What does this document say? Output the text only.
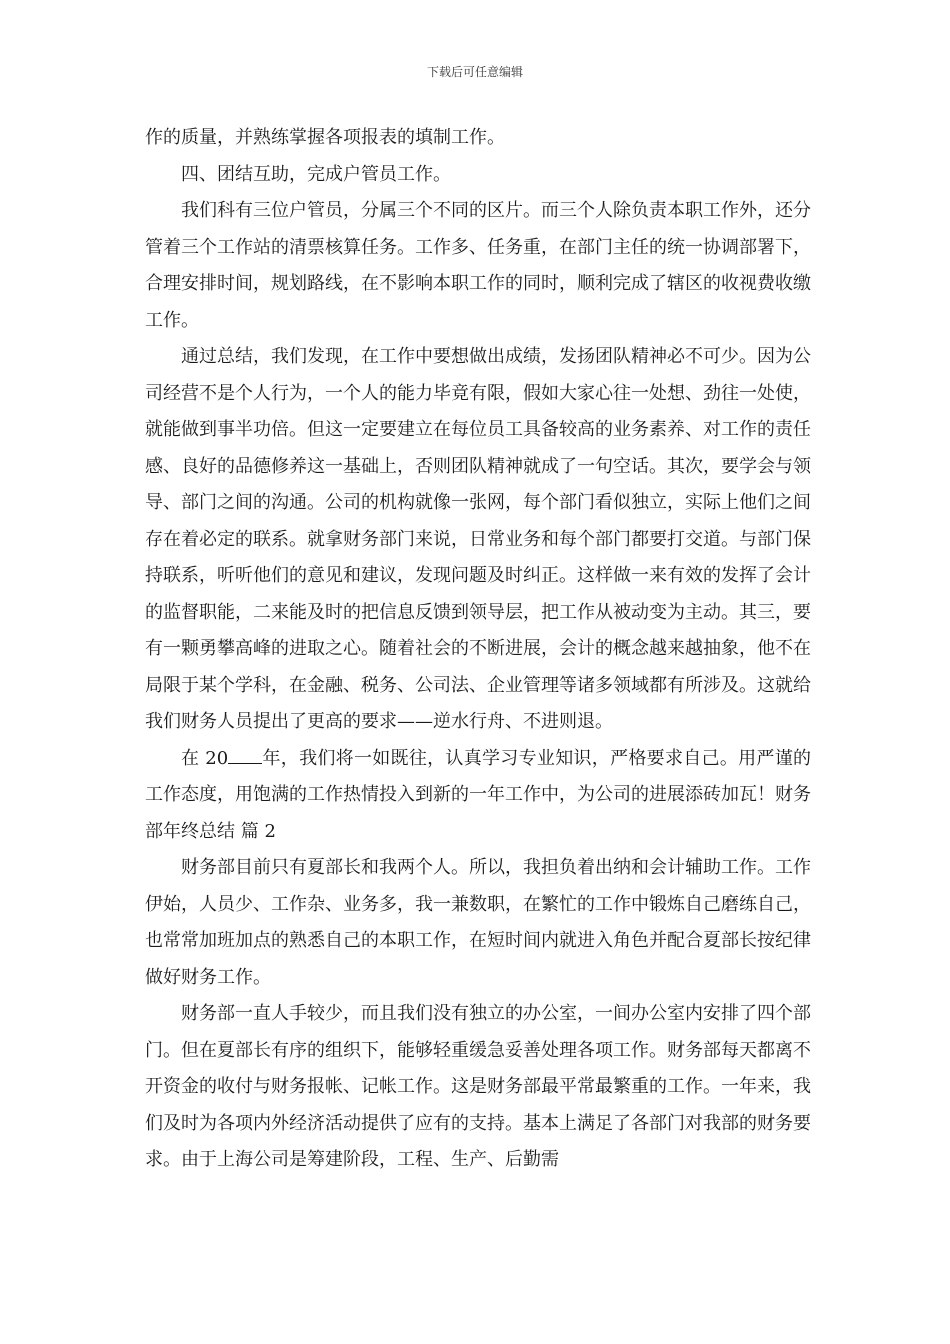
下载后可任意编辑

作的质量，并熟练掌握各项报表的填制工作。

四、团结互助，完成户管员工作。

我们科有三位户管员，分属三个不同的区片。而三个人除负责本职工作外，还分管着三个工作站的清票核算任务。工作多、任务重，在部门主任的统一协调部署下，合理安排时间，规划路线，在不影响本职工作的同时，顺利完成了辖区的收视费收缴工作。

通过总结，我们发现，在工作中要想做出成绩，发扬团队精神必不可少。因为公司经营不是个人行为，一个人的能力毕竟有限，假如大家心往一处想、劲往一处使，就能做到事半功倍。但这一定要建立在每位员工具备较高的业务素养、对工作的责任感、良好的品德修养这一基础上，否则团队精神就成了一句空话。其次，要学会与领导、部门之间的沟通。公司的机构就像一张网，每个部门看似独立，实际上他们之间存在着必定的联系。就拿财务部门来说，日常业务和每个部门都要打交道。与部门保持联系，听听他们的意见和建议，发现问题及时纠正。这样做一来有效的发挥了会计的监督职能，二来能及时的把信息反馈到领导层，把工作从被动变为主动。其三，要有一颗勇攀高峰的进取之心。随着社会的不断进展，会计的概念越来越抽象，他不在局限于某个学科，在金融、税务、公司法、企业管理等诸多领域都有所涉及。这就给我们财务人员提出了更高的要求——逆水行舟、不进则退。

在 20 年，我们将一如既往，认真学习专业知识，严格要求自己。用严谨的工作态度，用饱满的工作热情投入到新的一年工作中，为公司的进展添砖加瓦！财务部年终总结 篇 2

财务部目前只有夏部长和我两个人。所以，我担负着出纳和会计辅助工作。工作伊始，人员少、工作杂、业务多，我一兼数职，在繁忙的工作中锻炼自己磨练自己，也常常加班加点的熟悉自己的本职工作，在短时间内就进入角色并配合夏部长按纪律做好财务工作。

财务部一直人手较少，而且我们没有独立的办公室，一间办公室内安排了四个部门。但在夏部长有序的组织下，能够轻重缓急妥善处理各项工作。财务部每天都离不开资金的收付与财务报帐、记帐工作。这是财务部最平常最繁重的工作。一年来，我们及时为各项内外经济活动提供了应有的支持。基本上满足了各部门对我部的财务要求。由于上海公司是筹建阶段，工程、生产、后勤需
